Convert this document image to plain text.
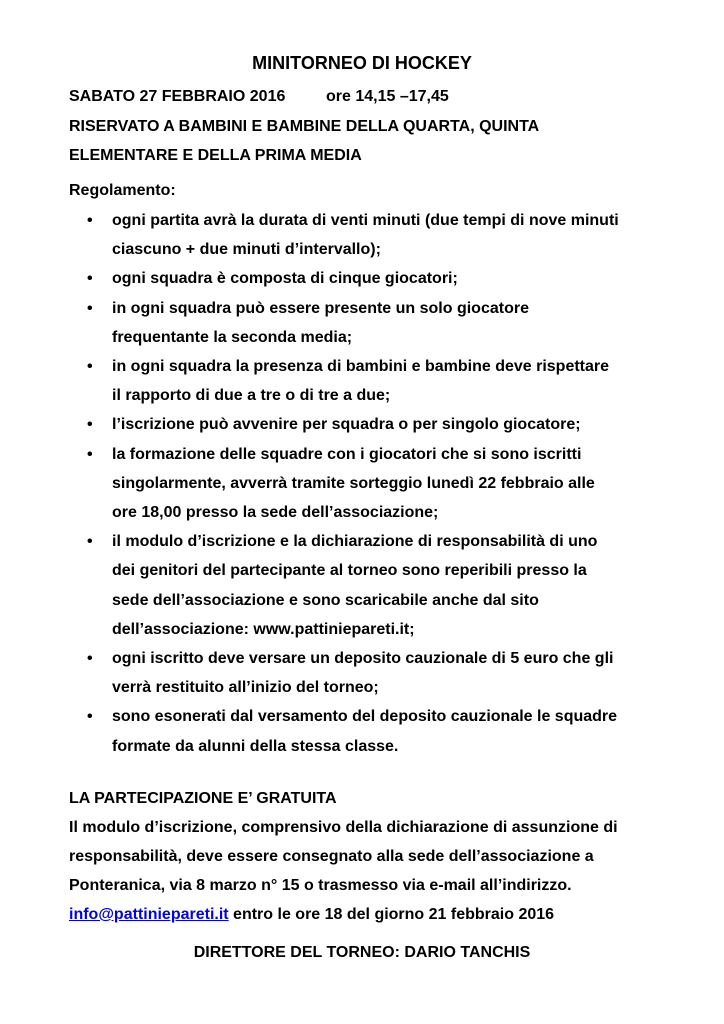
MINITORNEO DI HOCKEY
SABATO 27 FEBBRAIO 2016	ore 14,15 –17,45
RISERVATO A BAMBINI E BAMBINE DELLA QUARTA, QUINTA
ELEMENTARE E DELLA PRIMA MEDIA
Regolamento:
• ogni partita avrà la durata di venti minuti (due tempi di nove minuti
ciascuno + due minuti d’intervallo);
• ogni squadra è composta di cinque giocatori;
• in ogni squadra può essere presente un solo giocatore
frequentante la seconda media;
• in ogni squadra la presenza di bambini e bambine deve rispettare
il rapporto di due a tre o di tre a due;
• l’iscrizione può avvenire per squadra o per singolo giocatore;
• la formazione delle squadre con i giocatori che si sono iscritti
singolarmente, avverrà tramite sorteggio lunedì 22 febbraio alle
ore 18,00 presso la sede dell’associazione;
• il modulo d’iscrizione e la dichiarazione di responsabilità di uno
dei genitori del partecipante al torneo sono reperibili presso la
sede dell’associazione e sono scaricabile anche dal sito
dell’associazione: www.pattiniepareti.it;
• ogni iscritto deve versare un deposito cauzionale di 5 euro che gli
verrà restituito all’inizio del torneo;
• sono esonerati dal versamento del deposito cauzionale le squadre
formate da alunni della stessa classe.
LA PARTECIPAZIONE E’ GRATUITA
Il modulo d’iscrizione, comprensivo della dichiarazione di assunzione di
responsabilità, deve essere consegnato alla sede dell’associazione a
Ponteranica, via 8 marzo n° 15 o trasmesso via e-mail all’indirizzo.
info@pattiniepareti.it entro le ore 18 del giorno 21 febbraio 2016
DIRETTORE DEL TORNEO: DARIO TANCHIS
